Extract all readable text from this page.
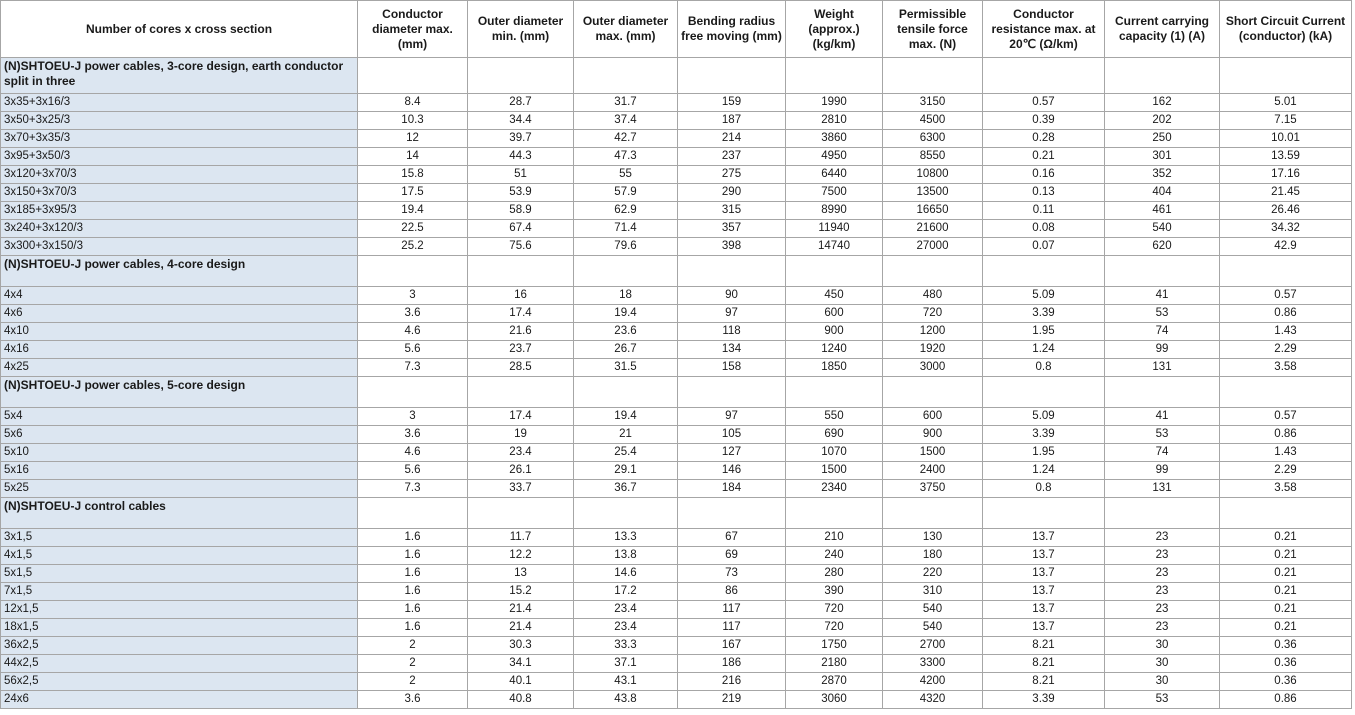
Number of cores x cross section	Conductor diameter max. (mm)	Outer diameter min. (mm)	Outer diameter max. (mm)	Bending radius free moving (mm)	Weight (approx.) (kg/km)	Permissible tensile force max. (N)	Conductor resistance max. at 20℃ (Ω/km)	Current carrying capacity (1) (A)	Short Circuit Current (conductor) (kA)
(N)SHTOEU-J power cables, 3-core design, earth conductor split in three									
3x35+3x16/3	8.4	28.7	31.7	159	1990	3150	0.57	162	5.01
3x50+3x25/3	10.3	34.4	37.4	187	2810	4500	0.39	202	7.15
3x70+3x35/3	12	39.7	42.7	214	3860	6300	0.28	250	10.01
3x95+3x50/3	14	44.3	47.3	237	4950	8550	0.21	301	13.59
3x120+3x70/3	15.8	51	55	275	6440	10800	0.16	352	17.16
3x150+3x70/3	17.5	53.9	57.9	290	7500	13500	0.13	404	21.45
3x185+3x95/3	19.4	58.9	62.9	315	8990	16650	0.11	461	26.46
3x240+3x120/3	22.5	67.4	71.4	357	11940	21600	0.08	540	34.32
3x300+3x150/3	25.2	75.6	79.6	398	14740	27000	0.07	620	42.9
(N)SHTOEU-J power cables, 4-core design									
4x4	3	16	18	90	450	480	5.09	41	0.57
4x6	3.6	17.4	19.4	97	600	720	3.39	53	0.86
4x10	4.6	21.6	23.6	118	900	1200	1.95	74	1.43
4x16	5.6	23.7	26.7	134	1240	1920	1.24	99	2.29
4x25	7.3	28.5	31.5	158	1850	3000	0.8	131	3.58
(N)SHTOEU-J power cables, 5-core design									
5x4	3	17.4	19.4	97	550	600	5.09	41	0.57
5x6	3.6	19	21	105	690	900	3.39	53	0.86
5x10	4.6	23.4	25.4	127	1070	1500	1.95	74	1.43
5x16	5.6	26.1	29.1	146	1500	2400	1.24	99	2.29
5x25	7.3	33.7	36.7	184	2340	3750	0.8	131	3.58
(N)SHTOEU-J control cables									
3x1,5	1.6	11.7	13.3	67	210	130	13.7	23	0.21
4x1,5	1.6	12.2	13.8	69	240	180	13.7	23	0.21
5x1,5	1.6	13	14.6	73	280	220	13.7	23	0.21
7x1,5	1.6	15.2	17.2	86	390	310	13.7	23	0.21
12x1,5	1.6	21.4	23.4	117	720	540	13.7	23	0.21
18x1,5	1.6	21.4	23.4	117	720	540	13.7	23	0.21
36x2,5	2	30.3	33.3	167	1750	2700	8.21	30	0.36
44x2,5	2	34.1	37.1	186	2180	3300	8.21	30	0.36
56x2,5	2	40.1	43.1	216	2870	4200	8.21	30	0.36
24x6	3.6	40.8	43.8	219	3060	4320	3.39	53	0.86
